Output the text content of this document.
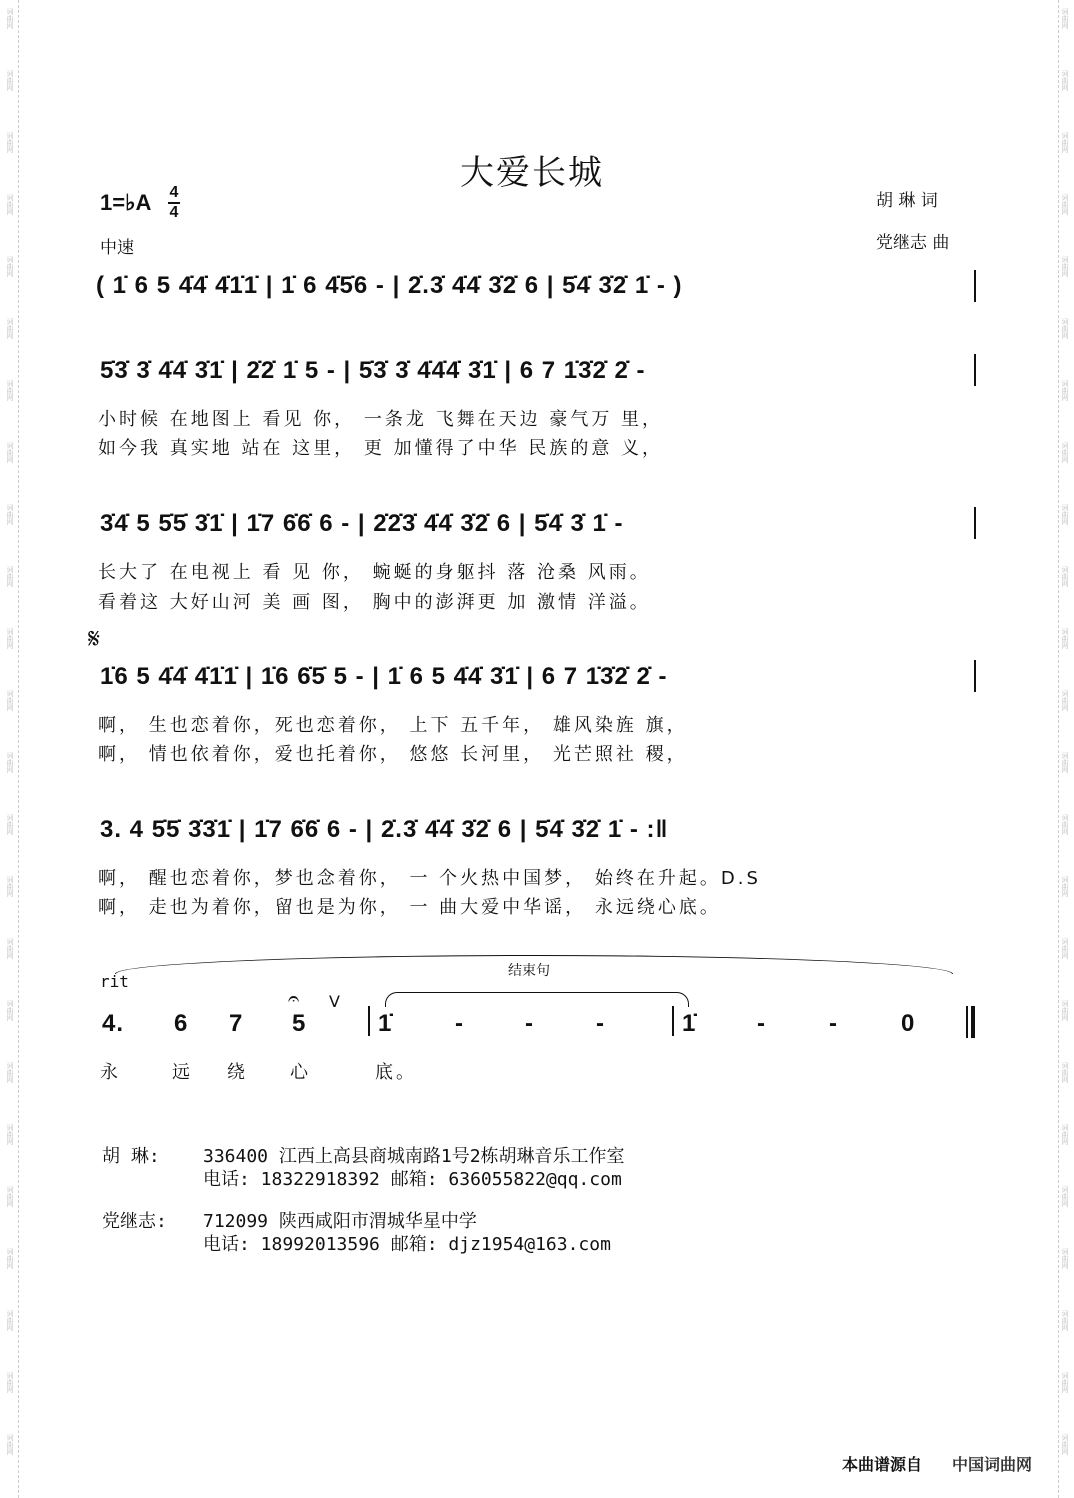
词曲网
词曲网
词曲网
词曲网
词曲网
词曲网
词曲网
词曲网
词曲网
词曲网
词曲网
词曲网
词曲网
词曲网
词曲网
词曲网
词曲网
词曲网
词曲网
词曲网
词曲网
词曲网
词曲网
词曲网
词曲网
词曲网
词曲网
词曲网
词曲网
词曲网
词曲网
词曲网
词曲网
词曲网
词曲网
词曲网
词曲网
词曲网
词曲网
词曲网
词曲网
词曲网
词曲网
词曲网
词曲网
词曲网
词曲网
词曲网
大爱长城
胡 琳 词
党继志 曲
1=♭A 4
4
中速
( 1̇ 6 5 4̇4̇ 4̇1̇1̇ | 1̇ 6 4̇5̇6 - | 2̇.3̇ 4̇4̇ 3̇2̇ 6 | 5̇4̇ 3̇2̇ 1̇ - )
5̇3̇ 3̇ 4̇4̇ 3̇1̇ | 2̇2̇ 1̇ 5 - | 5̇3̇ 3̇ 4̇4̇4̇ 3̇1̇ | 6 7 1̇3̇2̇ 2̇ -
小时候 在地图上 看见 你， 一条龙 飞舞在天边 豪气万 里，
如今我 真实地 站在 这里， 更 加懂得了中华 民族的意 义，
3̇4̇ 5 5̇5̇ 3̇1̇ | 1̇7 6̇6̇ 6 - | 2̇2̇3̇ 4̇4̇ 3̇2̇ 6 | 5̇4̇ 3̇ 1̇ -
长大了 在电视上 看 见 你， 蜿蜒的身躯抖 落 沧桑 风雨。
看着这 大好山河 美 画 图， 胸中的澎湃更 加 激情 洋溢。
𝄋
1̇6 5 4̇4̇ 4̇1̇1̇ | 1̇6 6̇5̇ 5 - | 1̇ 6 5 4̇4̇ 3̇1̇ | 6 7 1̇3̇2̇ 2̇ -
啊， 生也恋着你，死也恋着你， 上下 五千年， 雄风染旌 旗，
啊， 情也依着你，爱也托着你， 悠悠 长河里， 光芒照社 稷，
3. 4 5̇5̇ 3̇3̇1̇ | 1̇7 6̇6̇ 6 - | 2̇.3̇ 4̇4̇ 3̇2̇ 6 | 5̇4̇ 3̇2̇ 1̇ - :‖
啊， 醒也恋着你，梦也念着你， 一 个火热中国梦， 始终在升起。D.S
啊， 走也为着你，留也是为你， 一 曲大爱中华谣， 永远绕心底。
rit
结束句
4. 6 7
𝄐
5
V
1̇	-	-	-	1̇	-	-	0
永	远 绕 心	底。
胡 琳: 336400 江西上高县商城南路1号2栋胡琳音乐工作室
电话: 18322918392 邮箱: 636055822@qq.com
党继志: 712099 陕西咸阳市渭城华星中学
电话: 18992013596 邮箱: djz1954@163.com
本曲谱源自 中国词曲网
